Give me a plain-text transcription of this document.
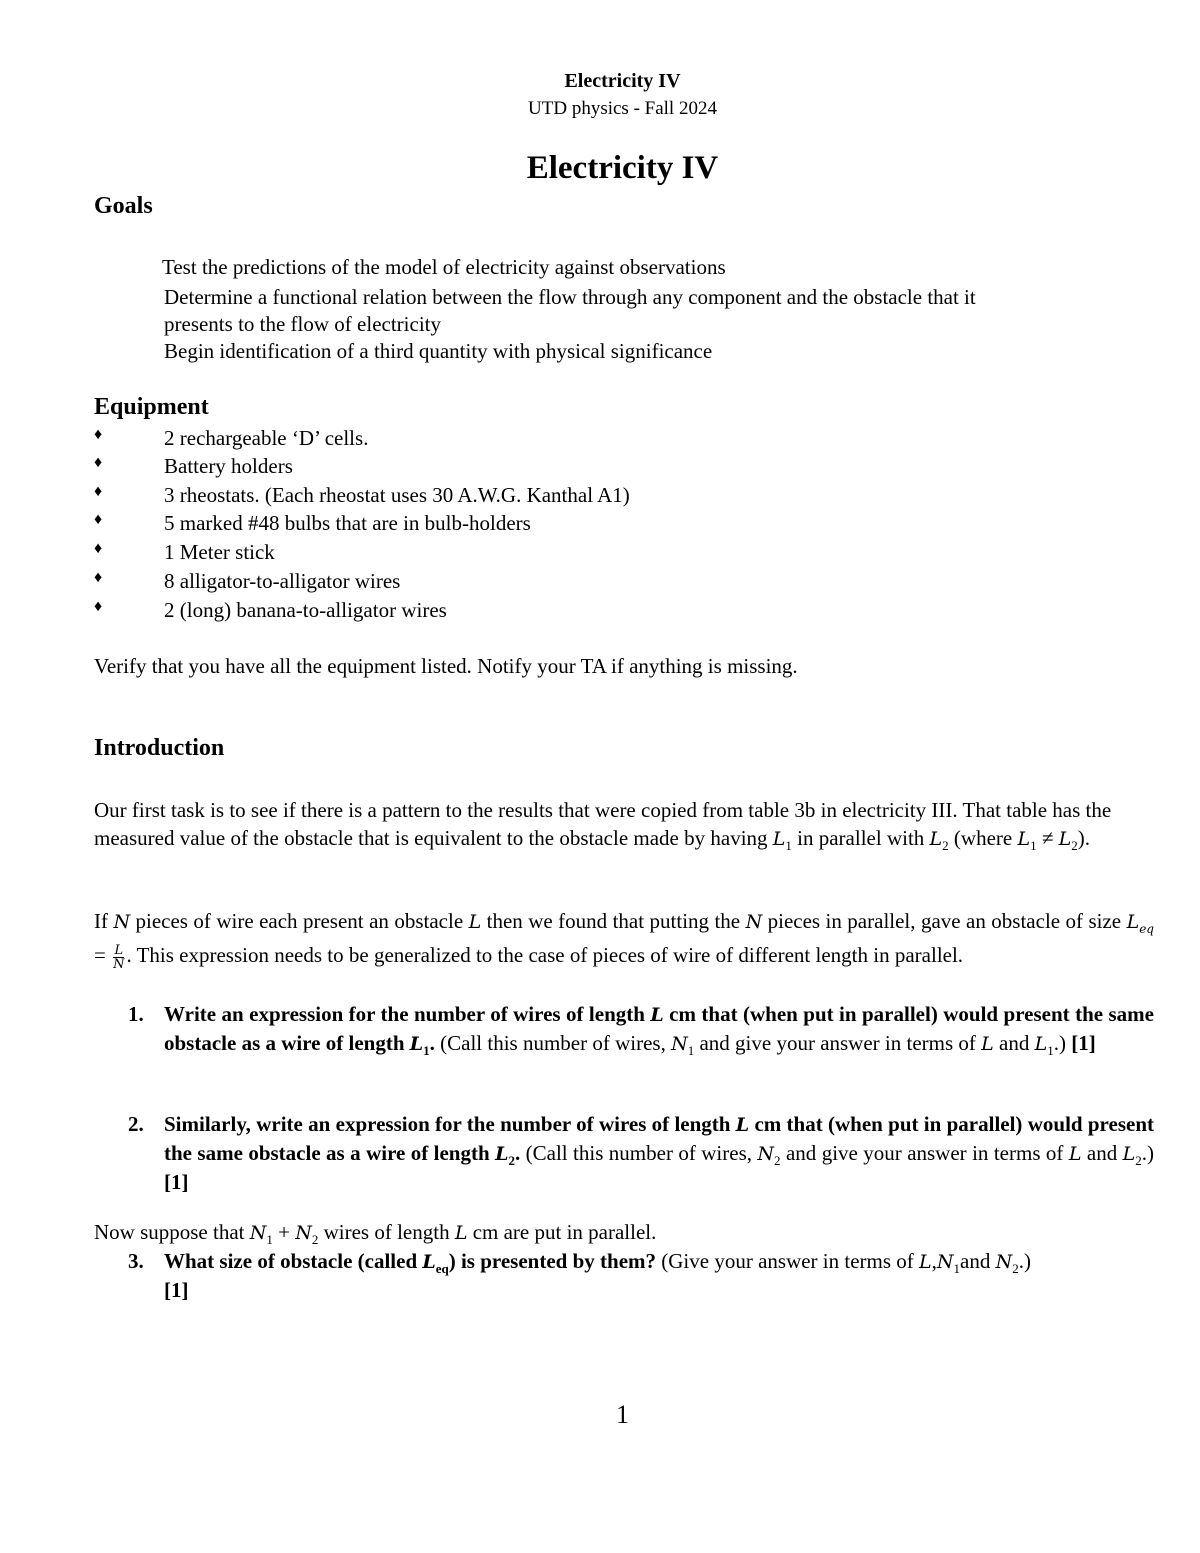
Electricity IV
UTD physics - Fall 2024
Electricity IV
Goals
Test the predictions of the model of electricity against observations
Determine a functional relation between the flow through any component and the obstacle that it
presents to the flow of electricity
Begin identification of a third quantity with physical significance
Equipment
♦	2 rechargeable ‘D’ cells.
♦	Battery holders
♦	3 rheostats. (Each rheostat uses 30 A.W.G. Kanthal A1)
♦	5 marked #48 bulbs that are in bulb-holders
♦	1 Meter stick
♦	8 alligator-to-alligator wires
♦	2 (long) banana-to-alligator wires
Verify that you have all the equipment listed. Notify your TA if anything is missing.
Introduction
Our first task is to see if there is a pattern to the results that were copied from table 3b in electricity III. That table has the measured value of the obstacle that is equivalent to the obstacle made by having $L_1$ in parallel with $L_2$ (where $L_1 \ne L_2$).
If N pieces of wire each present an obstacle L then we found that putting the N pieces in parallel, gave an obstacle of size $L_{eq} = \frac{L}{N}$ . This expression needs to be generalized to the case of pieces of wire of different length in parallel.
1. Write an expression for the number of wires of length L cm that (when put in parallel) would present the same obstacle as a wire of length $L_1$. (Call this number of wires, $N_1$ and give your answer in terms of L and $L_1$.) [1]
2. Similarly, write an expression for the number of wires of length L cm that (when put in parallel) would present the same obstacle as a wire of length $L_2$. (Call this number of wires, $N_2$ and give your answer in terms of L and $L_2$.) [1]
Now suppose that $N_1 + N_2$ wires of length L cm are put in parallel.
3. What size of obstacle (called $L_{eq}$) is presented by them? (Give your answer in terms of $L,N_1and$ $N_2$.)
[1]
1
